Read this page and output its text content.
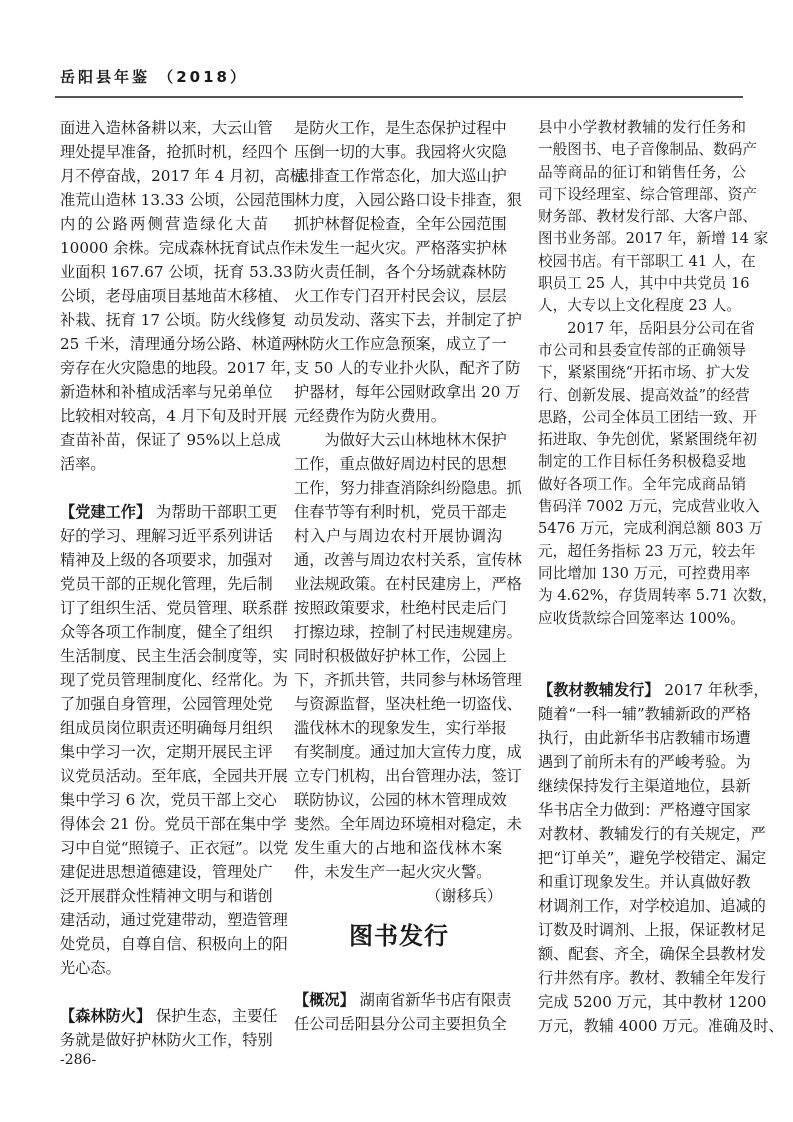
岳阳县年鉴 （2018）
面进入造林备耕以来，大云山管
理处提早准备，抢抓时机，经四个
月不停奋战，2017 年 4 月初，高标
准荒山造林 13.33 公顷，公园范围
内的公路两侧营造绿化大苗
10000 余株。完成森林抚育试点作
业面积 167.67 公顷，抚育 53.33
公顷，老母庙项目基地苗木移植、
补栽、抚育 17 公顷。防火线修复
25 千米，清理通分场公路、林道两
旁存在火灾隐患的地段。2017 年，
新造林和补植成活率与兄弟单位
比较相对较高，4 月下旬及时开展
查苗补苗，保证了 95%以上总成
活率。
【党建工作】 为帮助干部职工更
好的学习、理解习近平系列讲话
精神及上级的各项要求，加强对
党员干部的正规化管理，先后制
订了组织生活、党员管理、联系群
众等各项工作制度，健全了组织
生活制度、民主生活会制度等，实
现了党员管理制度化、经常化。为
了加强自身管理，公园管理处党
组成员岗位职责还明确每月组织
集中学习一次，定期开展民主评
议党员活动。至年底，全园共开展
集中学习 6 次，党员干部上交心
得体会 21 份。党员干部在集中学
习中自觉“照镜子、正衣冠”。以党
建促进思想道德建设，管理处广
泛开展群众性精神文明与和谐创
建活动，通过党建带动，塑造管理
处党员，自尊自信、积极向上的阳
光心态。
【森林防火】 保护生态，主要任
务就是做好护林防火工作，特别
-286-
是防火工作，是生态保护过程中
压倒一切的大事。我园将火灾隐
患排查工作常态化，加大巡山护
林力度，入园公路口设卡排查，狠
抓护林督促检查，全年公园范围
未发生一起火灾。严格落实护林
防火责任制，各个分场就森林防
火工作专门召开村民会议，层层
动员发动、落实下去，并制定了护
林防火工作应急预案，成立了一
支 50 人的专业扑火队，配齐了防
护器材，每年公园财政拿出 20 万
元经费作为防火费用。
为做好大云山林地林木保护
工作，重点做好周边村民的思想
工作，努力排查消除纠纷隐患。抓
住春节等有利时机，党员干部走
村入户与周边农村开展协调沟
通，改善与周边农村关系，宣传林
业法规政策。在村民建房上，严格
按照政策要求，杜绝村民走后门
打擦边球，控制了村民违规建房。
同时积极做好护林工作，公园上
下，齐抓共管，共同参与林场管理
与资源监督，坚决杜绝一切盗伐、
滥伐林木的现象发生，实行举报
有奖制度。通过加大宣传力度，成
立专门机构，出台管理办法，签订
联防协议，公园的林木管理成效
斐然。全年周边环境相对稳定，未
发生重大的占地和盗伐林木案
件，未发生产一起火灾火警。
（谢移兵）
图书发行
【概况】 湖南省新华书店有限责
任公司岳阳县分公司主要担负全
县中小学教材教辅的发行任务和
一般图书、电子音像制品、数码产
品等商品的征订和销售任务，公
司下设经理室、综合管理部、资产
财务部、教材发行部、大客户部、
图书业务部。2017 年，新增 14 家
校园书店。有干部职工 41 人，在
职员工 25 人，其中中共党员 16
人，大专以上文化程度 23 人。
2017 年，岳阳县分公司在省
市公司和县委宣传部的正确领导
下，紧紧围绕“开拓市场、扩大发
行、创新发展、提高效益”的经营
思路，公司全体员工团结一致、开
拓进取、争先创优，紧紧围绕年初
制定的工作目标任务积极稳妥地
做好各项工作。全年完成商品销
售码洋 7002 万元，完成营业收入
5476 万元，完成利润总额 803 万
元，超任务指标 23 万元，较去年
同比增加 130 万元，可控费用率
为 4.62%，存货周转率 5.71 次数，
应收货款综合回笼率达 100%。
【教材教辅发行】 2017 年秋季，
随着“一科一辅”教辅新政的严格
执行，由此新华书店教辅市场遭
遇到了前所未有的严峻考验。为
继续保持发行主渠道地位，县新
华书店全力做到：严格遵守国家
对教材、教辅发行的有关规定，严
把“订单关”，避免学校错定、漏定
和重订现象发生。并认真做好教
材调剂工作，对学校追加、追减的
订数及时调剂、上报，保证教材足
额、配套、齐全，确保全县教材发
行井然有序。教材、教辅全年发行
完成 5200 万元，其中教材 1200
万元，教辅 4000 万元。准确及时、
